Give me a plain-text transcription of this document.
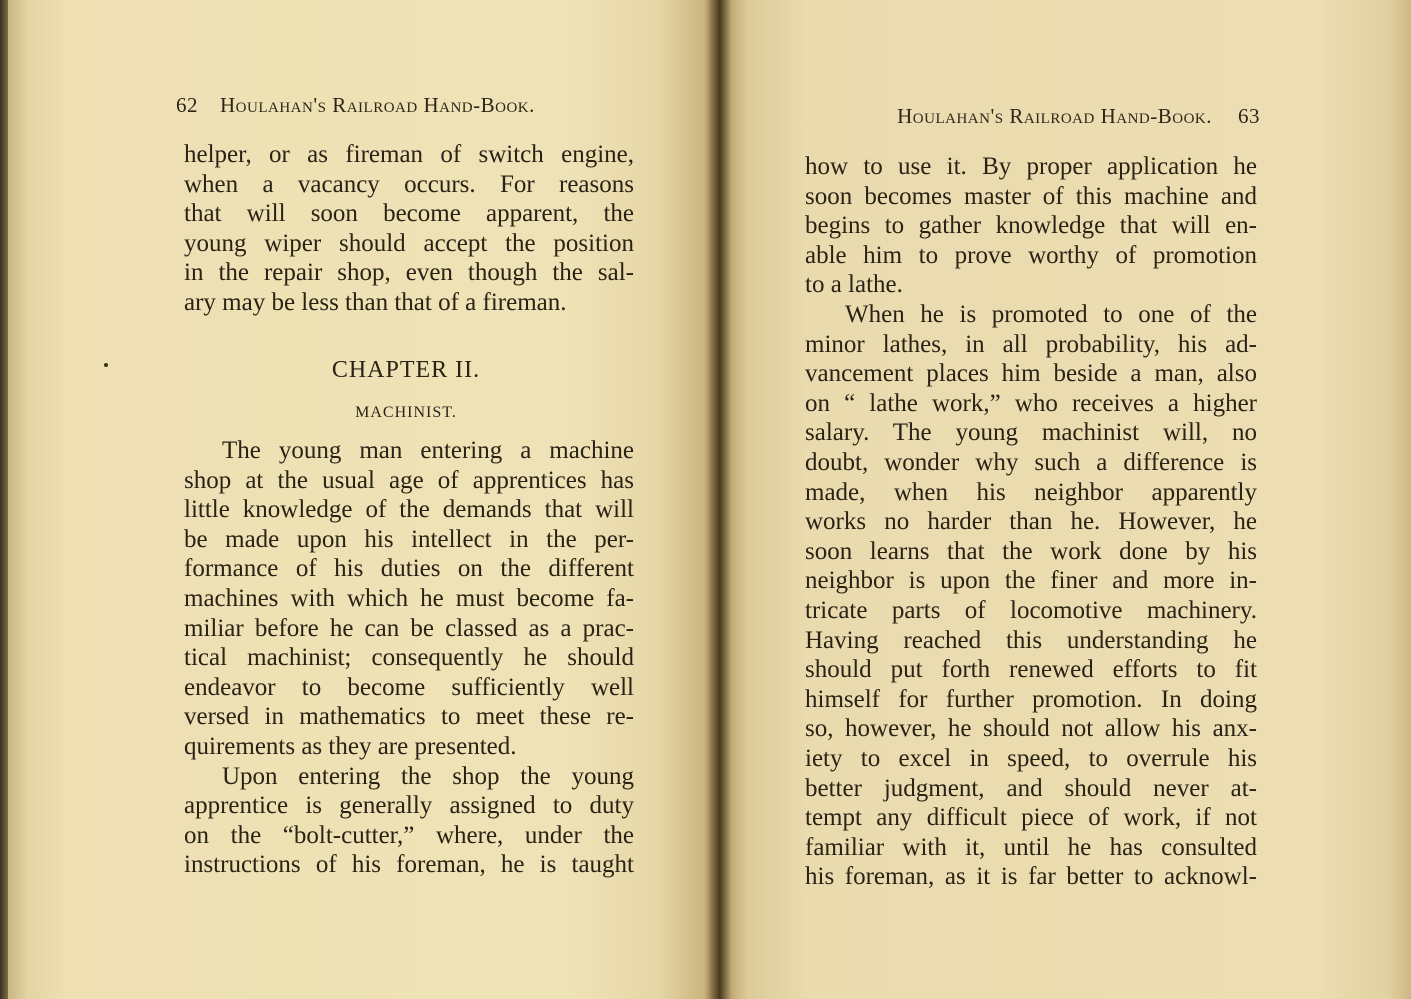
62 Houlahan's Railroad Hand-Book.
helper, or as fireman of switch engine,
when a vacancy occurs. For reasons
that will soon become apparent, the
young wiper should accept the position
in the repair shop, even though the sal-
ary may be less than that of a fireman.
CHAPTER II.
MACHINIST.
The young man entering a machine
shop at the usual age of apprentices has
little knowledge of the demands that will
be made upon his intellect in the per-
formance of his duties on the different
machines with which he must become fa-
miliar before he can be classed as a prac-
tical machinist; consequently he should
endeavor to become sufficiently well
versed in mathematics to meet these re-
quirements as they are presented.
Upon entering the shop the young
apprentice is generally assigned to duty
on the “bolt-cutter,” where, under the
instructions of his foreman, he is taught
Houlahan's Railroad Hand-Book. 63
how to use it. By proper application he
soon becomes master of this machine and
begins to gather knowledge that will en-
able him to prove worthy of promotion
to a lathe.
When he is promoted to one of the
minor lathes, in all probability, his ad-
vancement places him beside a man, also
on “ lathe work,” who receives a higher
salary. The young machinist will, no
doubt, wonder why such a difference is
made, when his neighbor apparently
works no harder than he. However, he
soon learns that the work done by his
neighbor is upon the finer and more in-
tricate parts of locomotive machinery.
Having reached this understanding he
should put forth renewed efforts to fit
himself for further promotion. In doing
so, however, he should not allow his anx-
iety to excel in speed, to overrule his
better judgment, and should never at-
tempt any difficult piece of work, if not
familiar with it, until he has consulted
his foreman, as it is far better to acknowl-
